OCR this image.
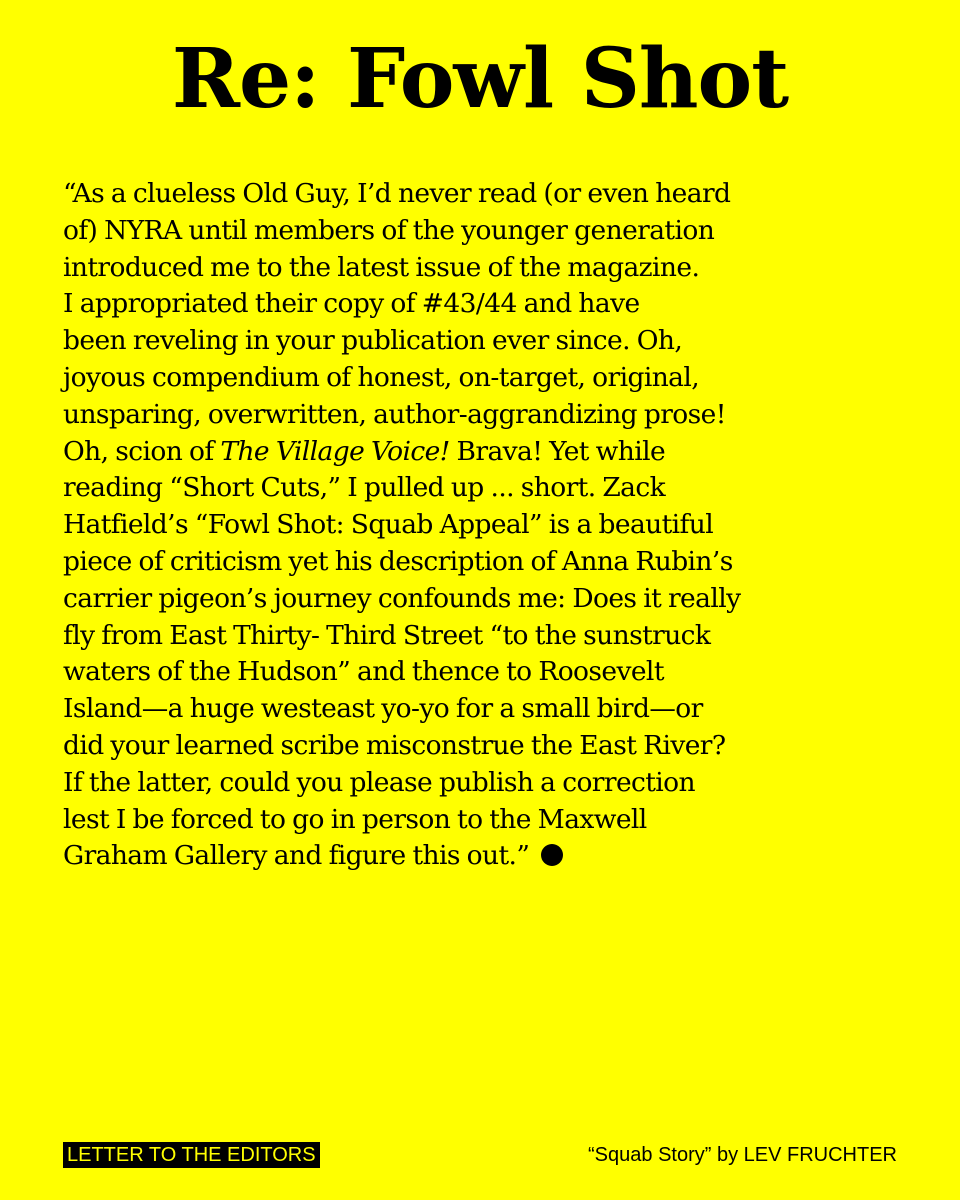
Re: Fowl Shot
“As a clueless Old Guy, I’d never read (or even heard
of) NYRA until members of the younger generation
introduced me to the latest issue of the magazine.
I appropriated their copy of #43/44 and have
been reveling in your publication ever since. Oh,
joyous compendium of honest, on-target, original,
unsparing, overwritten, author-aggrandizing prose!
Oh, scion of The Village Voice! Brava! Yet while
reading “Short Cuts,” I pulled up ... short. Zack
Hatfield’s “Fowl Shot: Squab Appeal” is a beautiful
piece of criticism yet his description of Anna Rubin’s
carrier pigeon’s journey confounds me: Does it really
fly from East Thirty- Third Street “to the sunstruck
waters of the Hudson” and thence to Roosevelt
Island—a huge westeast yo-yo for a small bird—or
did your learned scribe misconstrue the East River?
If the latter, could you please publish a correction
lest I be forced to go in person to the Maxwell
Graham Gallery and figure this out.”
LETTER TO THE EDITORS	“Squab Story” by LEV FRUCHTER
